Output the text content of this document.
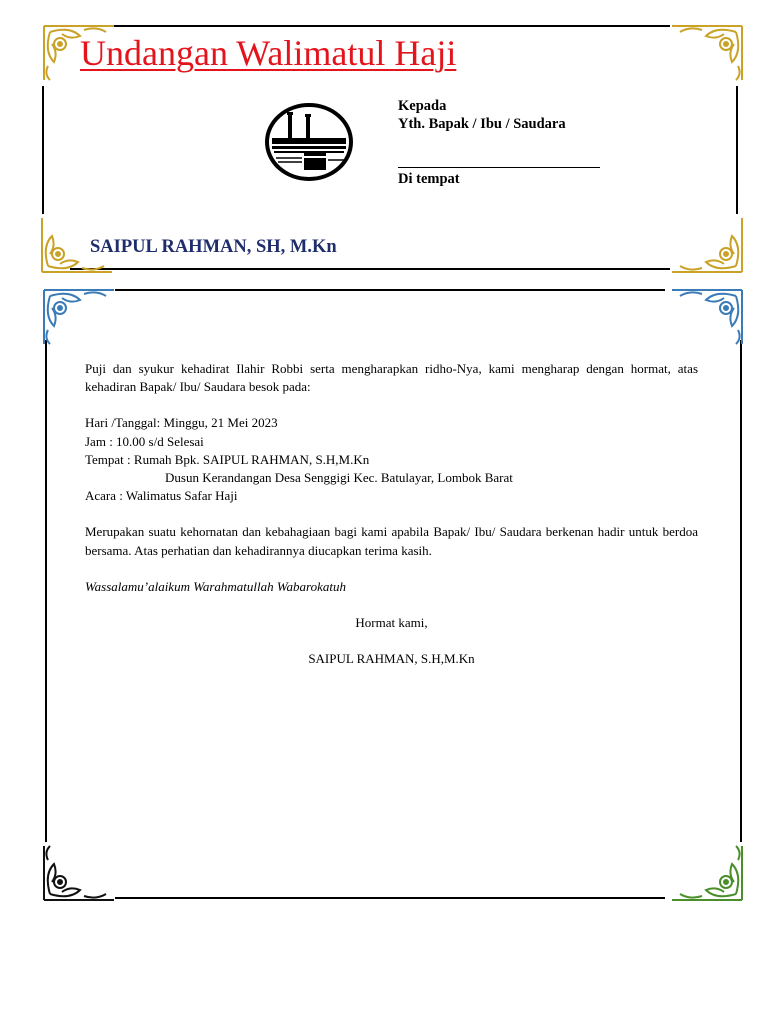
Undangan Walimatul Haji
Kepada
Yth. Bapak / Ibu / Saudara
Di tempat
SAIPUL RAHMAN, SH, M.Kn

Puji dan syukur kehadirat Ilahir Robbi serta mengharapkan ridho-Nya, kami mengharap dengan hormat, atas kehadiran Bapak/ Ibu/ Saudara besok pada:

Hari /Tanggal: Minggu, 21 Mei 2023

Jam : 10.00 s/d Selesai

Tempat : Rumah Bpk. SAIPUL RAHMAN, S.H,M.Kn

Dusun Kerandangan Desa Senggigi Kec. Batulayar, Lombok Barat

Acara : Walimatus Safar Haji

Merupakan suatu kehornatan dan kebahagiaan bagi kami apabila Bapak/ Ibu/ Saudara berkenan hadir untuk berdoa bersama. Atas perhatian dan kehadirannya diucapkan terima kasih.

Wassalamu’alaikum Warahmatullah Wabarokatuh

Hormat kami,

SAIPUL RAHMAN, S.H,M.Kn
